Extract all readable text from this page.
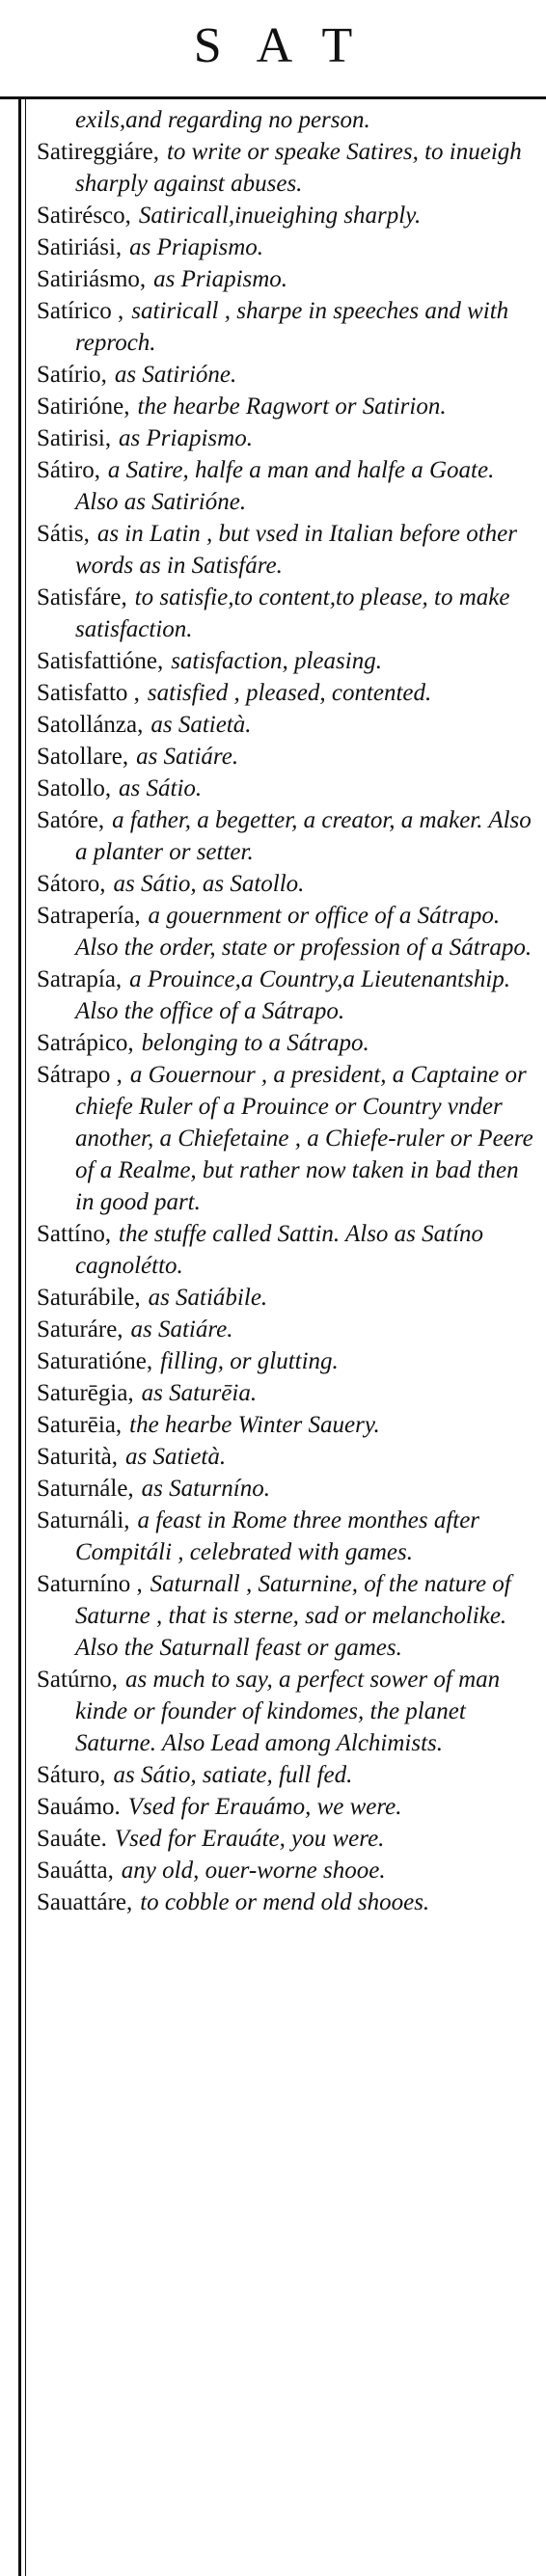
SAT
exils,and regarding no person.
Satireggiáre, to write or speake Satires, to inueigh sharply against abuses.
Satirésco, Satiricall,inueighing sharply.
Satiriási, as Priapismo.
Satiriásmo, as Priapismo.
Satírico , satiricall , sharpe in speeches and with reproch.
Satírio, as Satirióne.
Satirióne, the hearbe Ragwort or Satirion.
Satirisi, as Priapismo.
Sátiro, a Satire, halfe a man and halfe a Goate. Also as Satirióne.
Sátis, as in Latin , but vsed in Italian before other words as in Satisfáre.
Satisfáre, to satisfie,to content,to please, to make satisfaction.
Satisfattióne, satisfaction, pleasing.
Satisfatto , satisfied , pleased, contented.
Satollánza, as Satietà.
Satollare, as Satiáre.
Satollo, as Sátio.
Satóre, a father, a begetter, a creator, a maker. Also a planter or setter.
Sátoro, as Sátio, as Satollo.
Satrapería, a gouernment or office of a Sátrapo. Also the order, state or profession of a Sátrapo.
Satrapía, a Prouince,a Country,a Lieutenantship. Also the office of a Sátrapo.
Satrápico, belonging to a Sátrapo.
Sátrapo , a Gouernour , a president, a Captaine or chiefe Ruler of a Prouince or Country vnder another, a Chiefetaine , a Chiefe-ruler or Peere of a Realme, but rather now taken in bad then in good part.
Sattíno, the stuffe called Sattin. Also as Satíno cagnolétto.
Saturábile, as Satiábile.
Saturáre, as Satiáre.
Saturatióne, filling, or glutting.
Saturēgia, as Saturēia.
Saturēia, the hearbe Winter Sauery.
Saturità, as Satietà.
Saturnále, as Saturníno.
Saturnáli, a feast in Rome three monthes after Compitáli , celebrated with games.
Saturníno , Saturnall , Saturnine, of the nature of Saturne , that is sterne, sad or melancholike. Also the Saturnall feast or games.
Satúrno, as much to say, a perfect sower of man kinde or founder of kindomes, the planet Saturne. Also Lead among Alchimists.
Sáturo, as Sátio, satiate, full fed.
Sauámo. Vsed for Erauámo, we were.
Sauáte. Vsed for Erauáte, you were.
Sauátta, any old, ouer-worne shooe.
Sauattáre, to cobble or mend old shooes.
